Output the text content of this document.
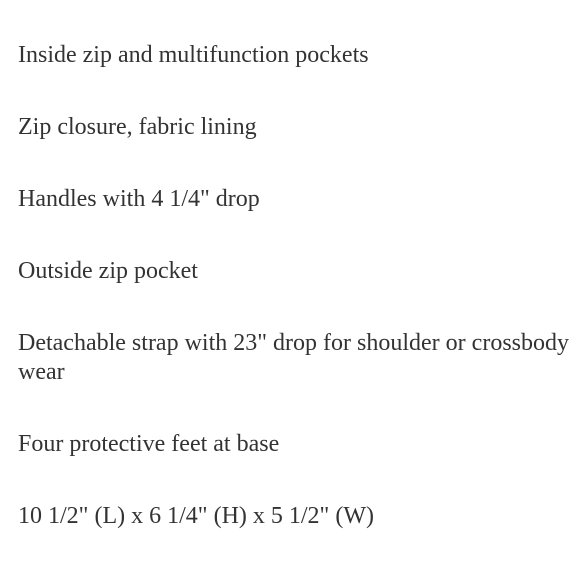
Inside zip and multifunction pockets
Zip closure, fabric lining
Handles with 4 1/4" drop
Outside zip pocket
Detachable strap with 23" drop for shoulder or crossbody wear
Four protective feet at base
10 1/2" (L) x 6 1/4" (H) x 5 1/2" (W)
